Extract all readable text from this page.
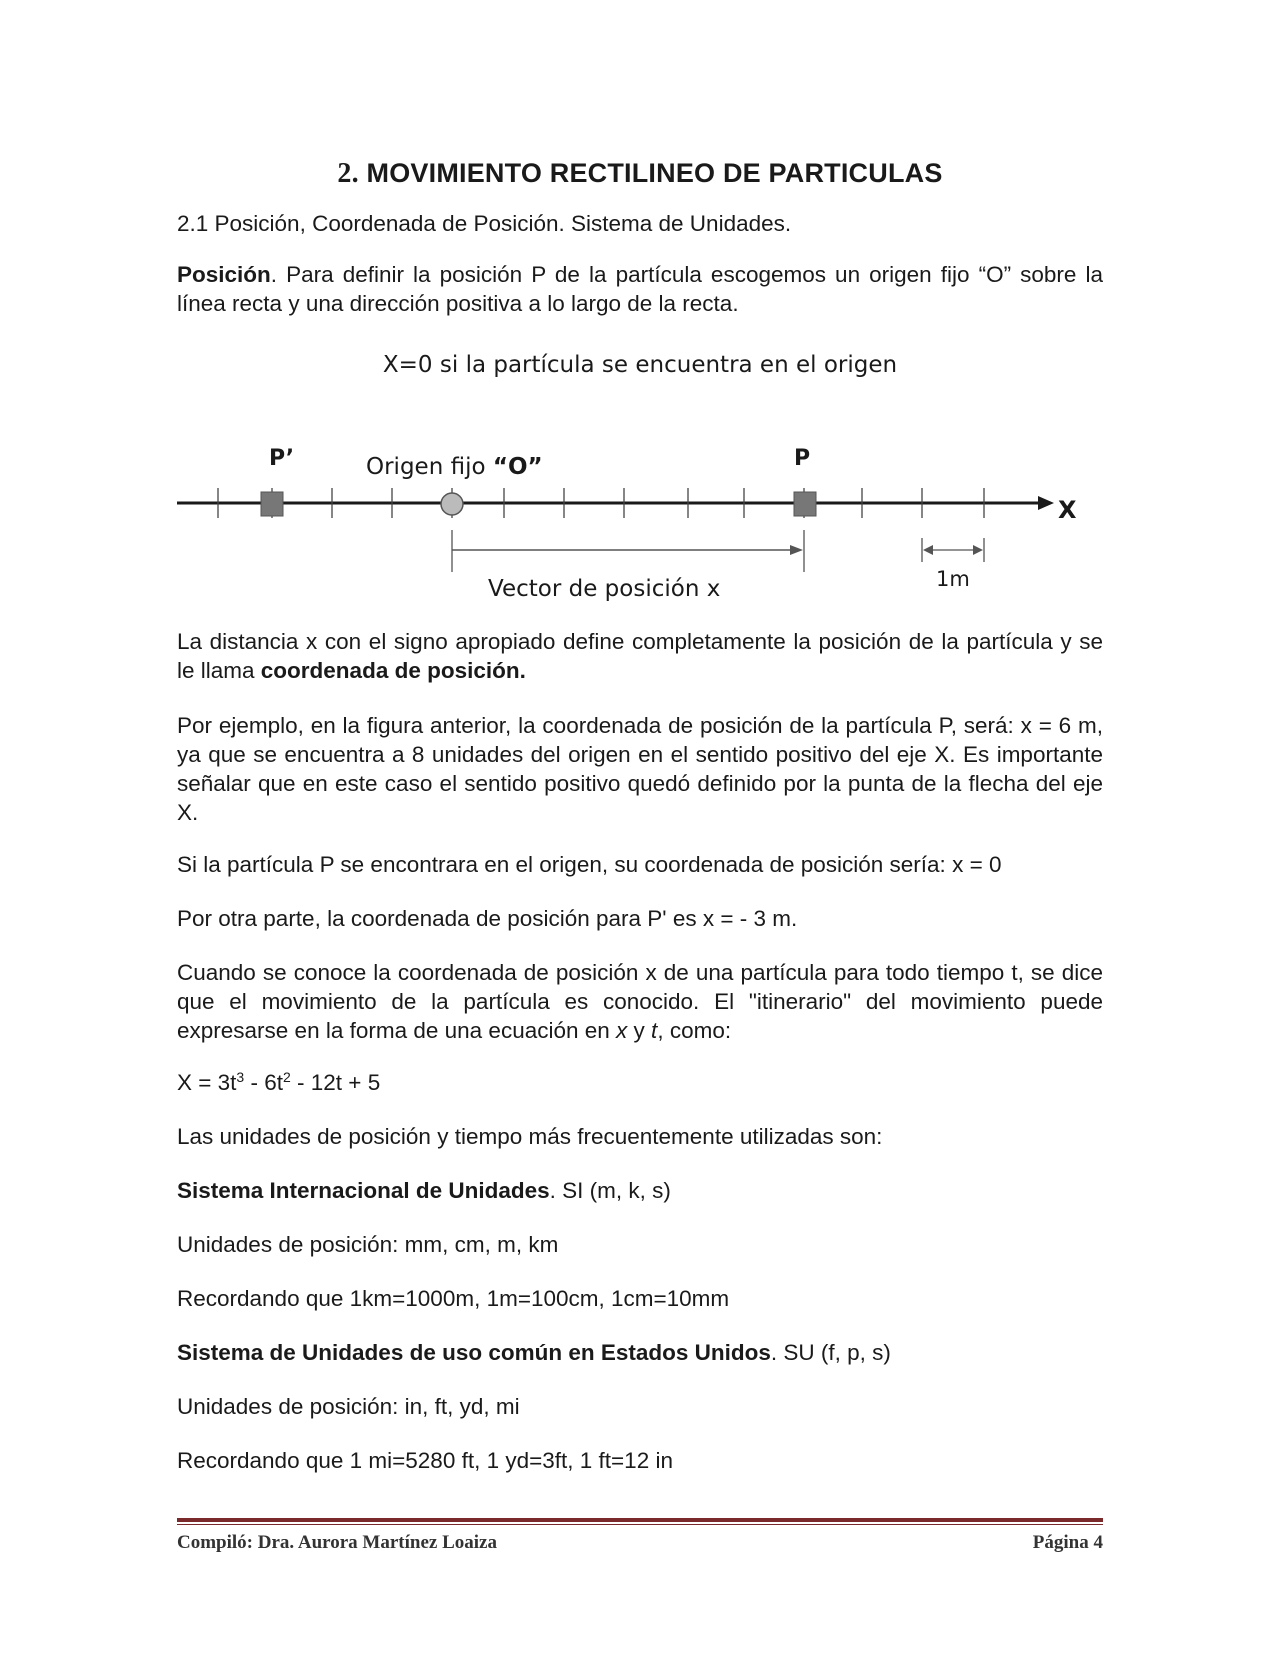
2. MOVIMIENTO RECTILINEO DE PARTICULAS

2.1 Posición, Coordenada de Posición. Sistema de Unidades.

Posición. Para definir la posición P de la partícula escogemos un origen fijo “O” sobre la línea recta y una dirección positiva a lo largo de la recta.

X=0 si la partícula se encuentra en el origen
P’	Origen fijo “O”	P
X
Vector de posición x	1m

La distancia x con el signo apropiado define completamente la posición de la partícula y se le llama coordenada de posición.

Por ejemplo, en la figura anterior, la coordenada de posición de la partícula P, será: x = 6 m, ya que se encuentra a 8 unidades del origen en el sentido positivo del eje X. Es importante señalar que en este caso el sentido positivo quedó definido por la punta de la flecha del eje X.

Si la partícula P se encontrara en el origen, su coordenada de posición sería: x = 0

Por otra parte, la coordenada de posición para P' es x = - 3 m.

Cuando se conoce la coordenada de posición x de una partícula para todo tiempo t, se dice que el movimiento de la partícula es conocido. El "itinerario" del movimiento puede expresarse en la forma de una ecuación en x y t, como:

$X = 3t^3 - 6t^2 - 12t + 5$

Las unidades de posición y tiempo más frecuentemente utilizadas son:

Sistema Internacional de Unidades. SI (m, k, s)

Unidades de posición: mm, cm, m, km

Recordando que 1km=1000m, 1m=100cm, 1cm=10mm

Sistema de Unidades de uso común en Estados Unidos. SU (f, p, s)

Unidades de posición: in, ft, yd, mi

Recordando que 1 mi=5280 ft, 1 yd=3ft, 1 ft=12 in

Compiló: Dra. Aurora Martínez Loaiza	Página 4
